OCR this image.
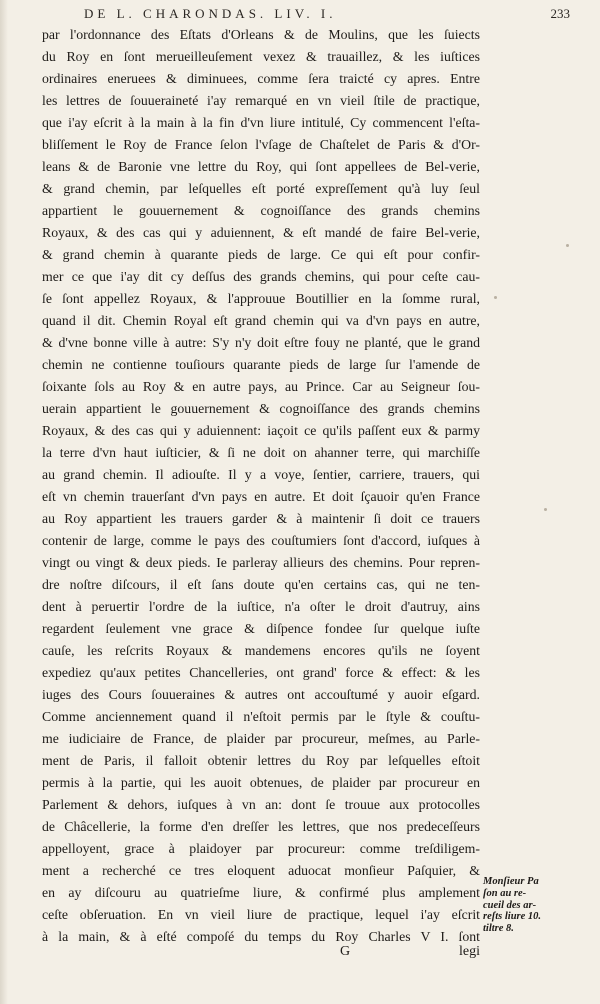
DE L. CHARONDAS. LIV. I.	233
par l'ordonnance des Eſtats d'Orleans & de Moulins, que les ſuiects
du Roy en ſont merueilleuſement vexez & trauaillez, & les iuſtices
ordinaires eneruees & diminuees, comme ſera traicté cy apres. Entre
les lettres de ſouueraineté i'ay remarqué en vn vieil ſtile de practique,
que i'ay eſcrit à la main à la fin d'vn liure intitulé, Cy commencent l'eſta-
bliſſement le Roy de France ſelon l'vſage de Chaſtelet de Paris & d'Or-
leans & de Baronie vne lettre du Roy, qui ſont appellees de Bel-verie,
& grand chemin, par leſquelles eſt porté expreſſement qu'à luy ſeul
appartient le gouuernement & cognoiſſance des grands chemins
Royaux, & des cas qui y aduiennent, & eſt mandé de faire Bel-verie,
& grand chemin à quarante pieds de large. Ce qui eſt pour confir-
mer ce que i'ay dit cy deſſus des grands chemins, qui pour ceſte cau-
ſe ſont appellez Royaux, & l'approuue Boutillier en la ſomme rural,
quand il dit. Chemin Royal eſt grand chemin qui va d'vn pays en autre,
& d'vne bonne ville à autre: S'y n'y doit eſtre fouy ne planté, que le grand
chemin ne contienne touſiours quarante pieds de large ſur l'amende de
ſoixante ſols au Roy & en autre pays, au Prince. Car au Seigneur ſou-
uerain appartient le gouuernement & cognoiſſance des grands chemins
Royaux, & des cas qui y aduiennent: iaçoit ce qu'ils paſſent eux & parmy
la terre d'vn haut iuſticier, & ſi ne doit on ahanner terre, qui marchiſſe
au grand chemin. Il adiouſte. Il y a voye, ſentier, carriere, trauers, qui
eſt vn chemin trauerſant d'vn pays en autre. Et doit ſçauoir qu'en France
au Roy appartient les trauers garder & à maintenir ſi doit ce trauers
contenir de large, comme le pays des couſtumiers ſont d'accord, iuſques à
vingt ou vingt & deux pieds. Ie parleray allieurs des chemins. Pour repren-
dre noſtre diſcours, il eſt ſans doute qu'en certains cas, qui ne ten-
dent à peruertir l'ordre de la iuſtice, n'a oſter le droit d'autruy, ains
regardent ſeulement vne grace & diſpence fondee ſur quelque iuſte
cauſe, les reſcrits Royaux & mandemens encores qu'ils ne ſoyent
expediez qu'aux petites Chancelleries, ont grand' force & effect: & les
iuges des Cours ſouueraines & autres ont accouſtumé y auoir eſgard.
Comme anciennement quand il n'eſtoit permis par le ſtyle & couſtu-
me iudiciaire de France, de plaider par procureur, meſmes, au Parle-
ment de Paris, il falloit obtenir lettres du Roy par leſquelles eſtoit
permis à la partie, qui les auoit obtenues, de plaider par procureur en
Parlement & dehors, iuſques à vn an: dont ſe trouue aux protocolles
de Châcellerie, la forme d'en dreſſer les lettres, que nos predeceſſeurs
appelloyent, grace à plaidoyer par procureur: comme treſdiligem-
ment a recherché ce tres eloquent aduocat monſieur Paſquier, &
en ay diſcouru au quatrieſme liure, & confirmé plus amplement
ceſte obſeruation. En vn vieil liure de practique, lequel i'ay eſcrit
à la main, & à eſté compoſé du temps du Roy Charles V I. ſont
Monſieur Pa
ſon au re-
cueil des ar-
reſts liure 10.
tiltre 8.
G	legi
